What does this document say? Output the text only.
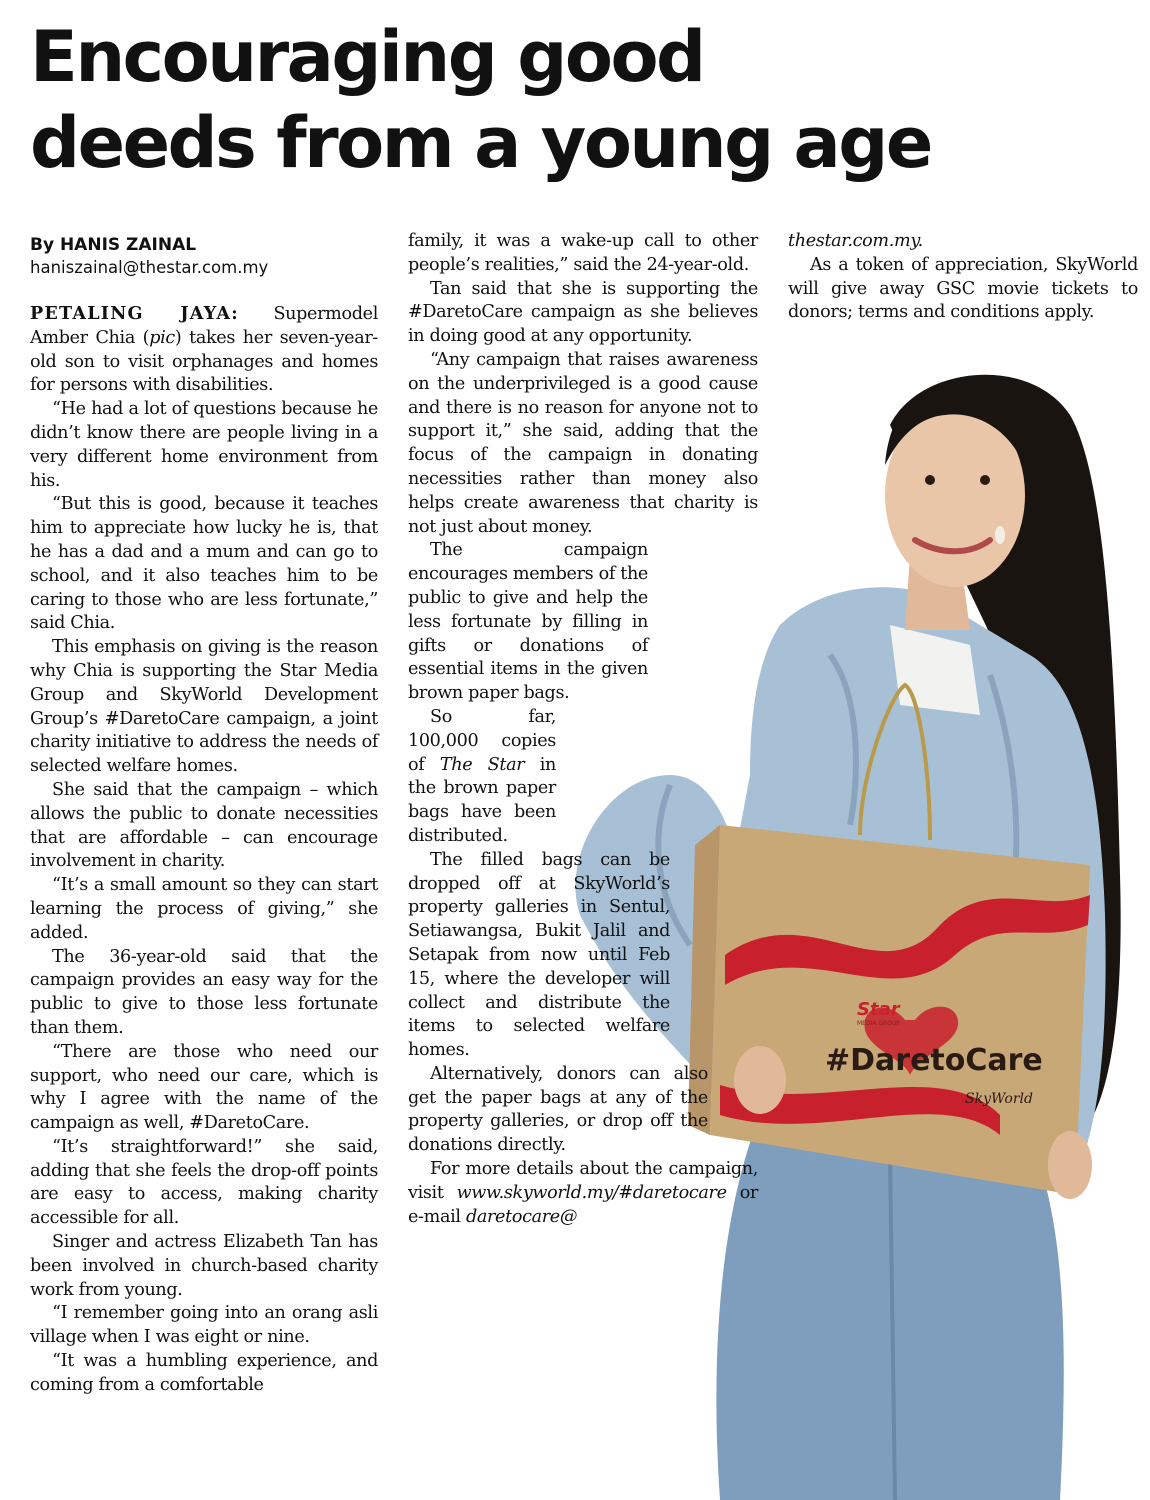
Encouraging good
deeds from a young age
By HANIS ZAINAL
haniszainal@thestar.com.my
Star
MEDIA GROUP
#DaretoCare
SkyWorld

PETALING JAYA: Supermodel Amber Chia (pic) takes her seven-year-old son to visit orphanages and homes for persons with disabilities.

“He had a lot of questions because he didn’t know there are people living in a very different home environment from his.

“But this is good, because it teaches him to appreciate how lucky he is, that he has a dad and a mum and can go to school, and it also teaches him to be caring to those who are less fortunate,” said Chia.

This emphasis on giving is the reason why Chia is supporting the Star Media Group and SkyWorld Development Group’s #DaretoCare campaign, a joint charity initiative to address the needs of selected welfare homes.

She said that the campaign – which allows the public to donate necessities that are affordable – can encourage involvement in charity.

“It’s a small amount so they can start learning the process of giving,” she added.

The 36-year-old said that the campaign provides an easy way for the public to give to those less fortunate than them.

“There are those who need our support, who need our care, which is why I agree with the name of the campaign as well, #DaretoCare.

“It’s straightforward!” she said, adding that she feels the drop-off points are easy to access, making charity accessible for all.

Singer and actress Elizabeth Tan has been involved in church-based charity work from young.

“I remember going into an orang asli village when I was eight or nine.

“It was a humbling experience, and coming from a comfortable

family, it was a wake-up call to other people’s realities,” said the 24-year-old.

Tan said that she is supporting the #DaretoCare campaign as she believes in doing good at any opportunity.

“Any campaign that raises awareness on the underprivileged is a good cause and there is no reason for anyone not to support it,” she said, adding that the focus of the campaign in donating necessities rather than money also helps create awareness that charity is not just about money.

The campaign encourages members of the public to give and help the less fortunate by filling in gifts or donations of essential items in the given brown paper bags.

So far, 100,000 copies of The Star in the brown paper bags have been distributed.

The filled bags can be dropped off at SkyWorld’s property galleries in Sentul, Setiawangsa, Bukit Jalil and Setapak from now until Feb 15, where the developer will collect and distribute the items to selected welfare homes.

Alternatively, donors can also get the paper bags at any of the property galleries, or drop off the donations directly.

For more details about the campaign, visit www.skyworld.my/#daretocare or e-mail daretocare@

thestar.com.my.

As a token of appreciation, SkyWorld will give away GSC movie tickets to donors; terms and conditions apply.
